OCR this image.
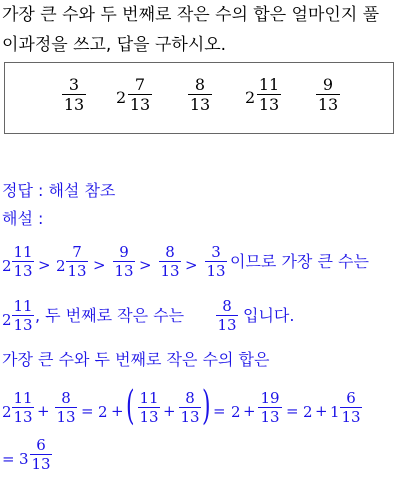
가장 큰 수와 두 번째로 작은 수의 합은 얼마인지 풀
이과정을 쓰고, 답을 구하시오.
3
13 2
7
13
8
13 2
11
13
9
13
정답 : 해설 참조
해설 :
2
11
13 > 2
7
13 >
9
13 >
8
13 >
3
13 이므로 가장 큰 수는
2
11
13 , 두 번째로 작은 수는	8
13 입니다.
가장 큰 수와 두 번째로 작은 수의 합은
2
11
13 +
8
13 = 2 + ( 11
13 +
8
13 ) = 2 +
19
13 = 2 + 1
6
13
= 3
6
13
